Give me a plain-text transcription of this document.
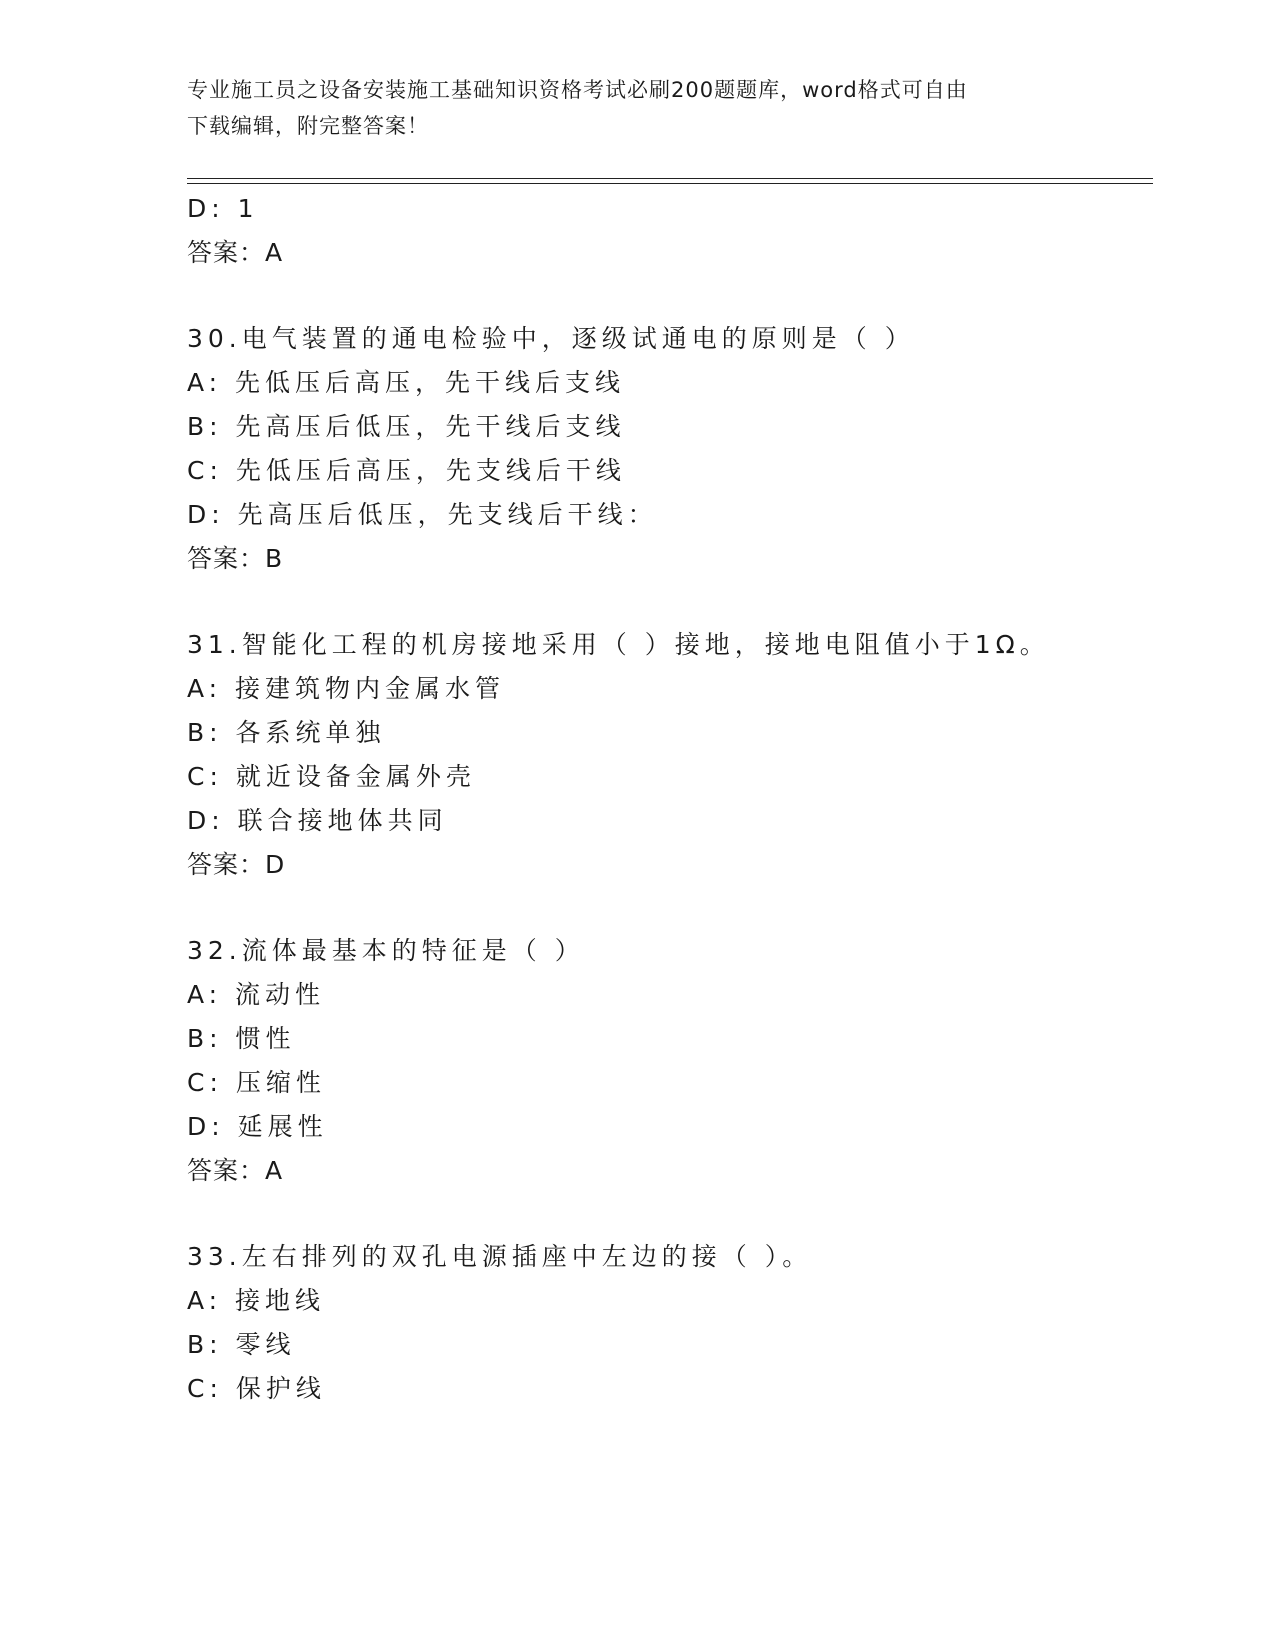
专业施工员之设备安装施工基础知识资格考试必刷200题题库，word格式可自由
下载编辑，附完整答案！
D: 1
答案：A
30.电气装置的通电检验中，逐级试通电的原则是（ ）
A: 先低压后高压，先干线后支线
B: 先高压后低压，先干线后支线
C: 先低压后高压，先支线后干线
D: 先高压后低压，先支线后干线：
答案：B
31.智能化工程的机房接地采用（ ）接地，接地电阻值小于1Ω。
A: 接建筑物内金属水管
B: 各系统单独
C: 就近设备金属外壳
D: 联合接地体共同
答案：D
32.流体最基本的特征是（ ）
A: 流动性
B: 惯性
C: 压缩性
D: 延展性
答案：A
33.左右排列的双孔电源插座中左边的接（ ）。
A: 接地线
B: 零线
C: 保护线
